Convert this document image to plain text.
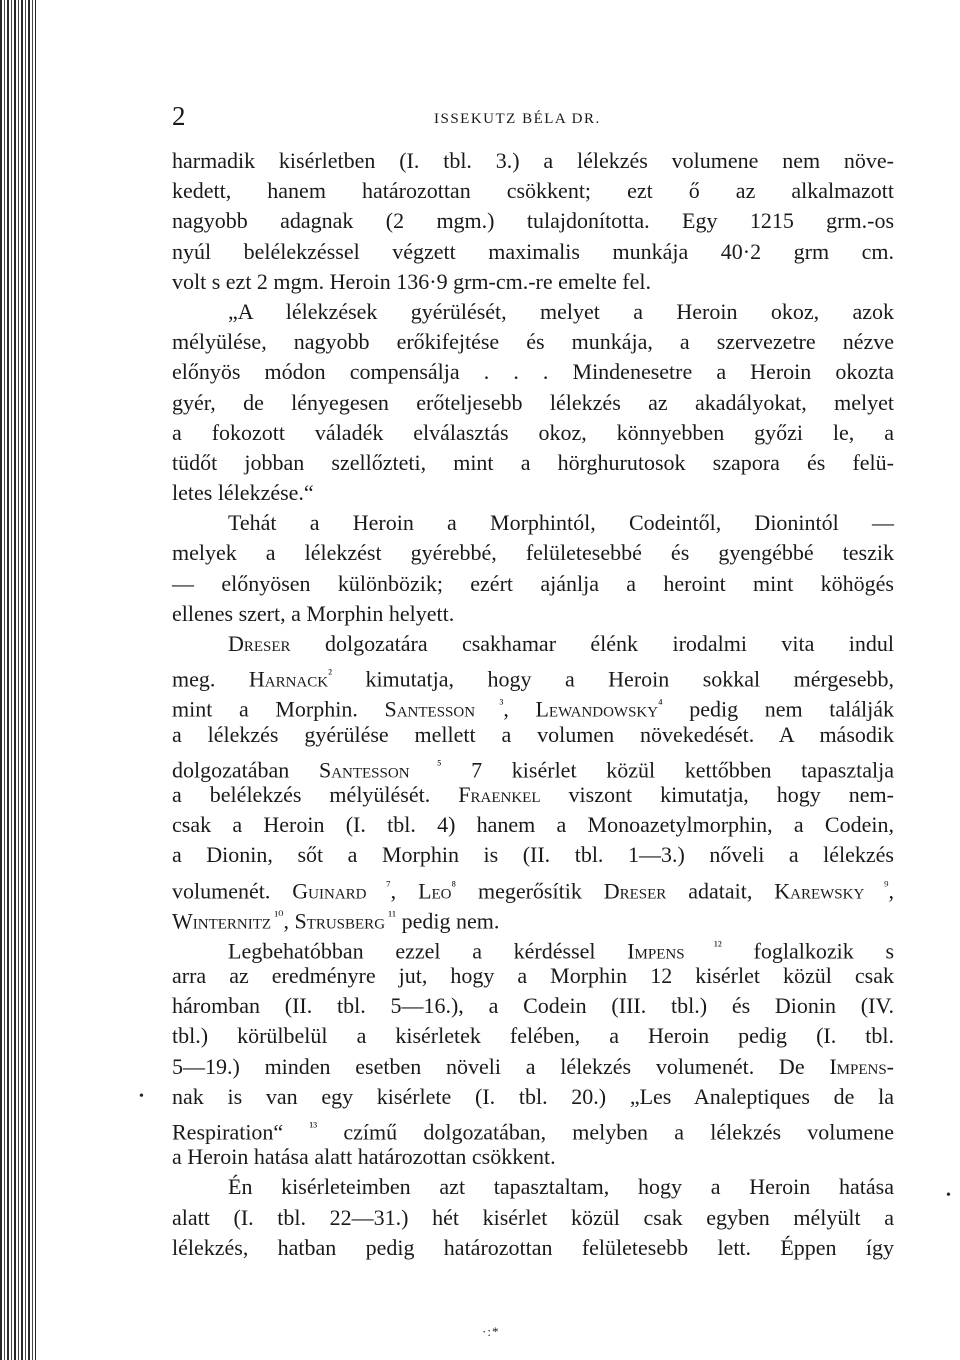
2	ISSEKUTZ BÉLA DR.
harmadik kisérletben (I. tbl. 3.) a lélekzés volumene nem növe-
kedett, hanem határozottan csökkent; ezt ő az alkalmazott
nagyobb adagnak (2 mgm.) tulajdonította. Egy 1215 grm.-os
nyúl belélekzéssel végzett maximalis munkája 40·2 grm cm.
volt s ezt 2 mgm. Heroin 136·9 grm-cm.-re emelte fel.
„A lélekzések gyérülését, melyet a Heroin okoz, azok
mélyülése, nagyobb erőkifejtése és munkája, a szervezetre nézve
előnyös módon compensálja . . . Mindenesetre a Heroin okozta
gyér, de lényegesen erőteljesebb lélekzés az akadályokat, melyet
a fokozott váladék elválasztás okoz, könnyebben győzi le, a
tüdőt jobban szellőzteti, mint a hörghurutosok szapora és felü-
letes lélekzése.“
Tehát a Heroin a Morphintól, Codeintől, Dionintól —
melyek a lélekzést gyérebbé, felületesebbé és gyengébbé teszik
— előnyösen különbözik; ezért ajánlja a heroint mint köhögés
ellenes szert, a Morphin helyett.
Dreser dolgozatára csakhamar élénk irodalmi vita indul
meg. Harnack$^{^2}$ kimutatja, hogy a Heroin sokkal mérgesebb,
mint a Morphin. Santesson $^{^3}$, Lewandowsky$^{^4}$ pedig nem találják
a lélekzés gyérülése mellett a volumen növekedését. A második
dolgozatában Santesson $^{^5}$ 7 kisérlet közül kettőbben tapasztalja
a belélekzés mélyülését. Fraenkel viszont kimutatja, hogy nem-
csak a Heroin (I. tbl. 4) hanem a Monoazetylmorphin, a Codein,
a Dionin, sőt a Morphin is (II. tbl. 1—3.) nőveli a lélekzés
volumenét. Guinard $^{^7}$, Leo$^{^8}$ megerősítik Dreser adatait, Karewsky $^{^9}$,
Winternitz $^{^{10}}$, Strusberg $^{^{11}}$ pedig nem.
Legbehatóbban ezzel a kérdéssel Impens $^{^{12}}$ foglalkozik s
arra az eredményre jut, hogy a Morphin 12 kisérlet közül csak
háromban (II. tbl. 5—16.), a Codein (III. tbl.) és Dionin (IV.
tbl.) körülbelül a kisérletek felében, a Heroin pedig (I. tbl.
5—19.) minden esetben növeli a lélekzés volumenét. De Impens-
nak is van egy kisérlete (I. tbl. 20.) „Les Analeptiques de la
Respiration“ $^{^{13}}$ czímű dolgozatában, melyben a lélekzés volumene
a Heroin hatása alatt határozottan csökkent.
Én kisérleteimben azt tapasztaltam, hogy a Heroin hatása
alatt (I. tbl. 22—31.) hét kisérlet közül csak egyben mélyült a
lélekzés, hatban pedig határozottan felületesebb lett. Éppen így
•
•
·:*
